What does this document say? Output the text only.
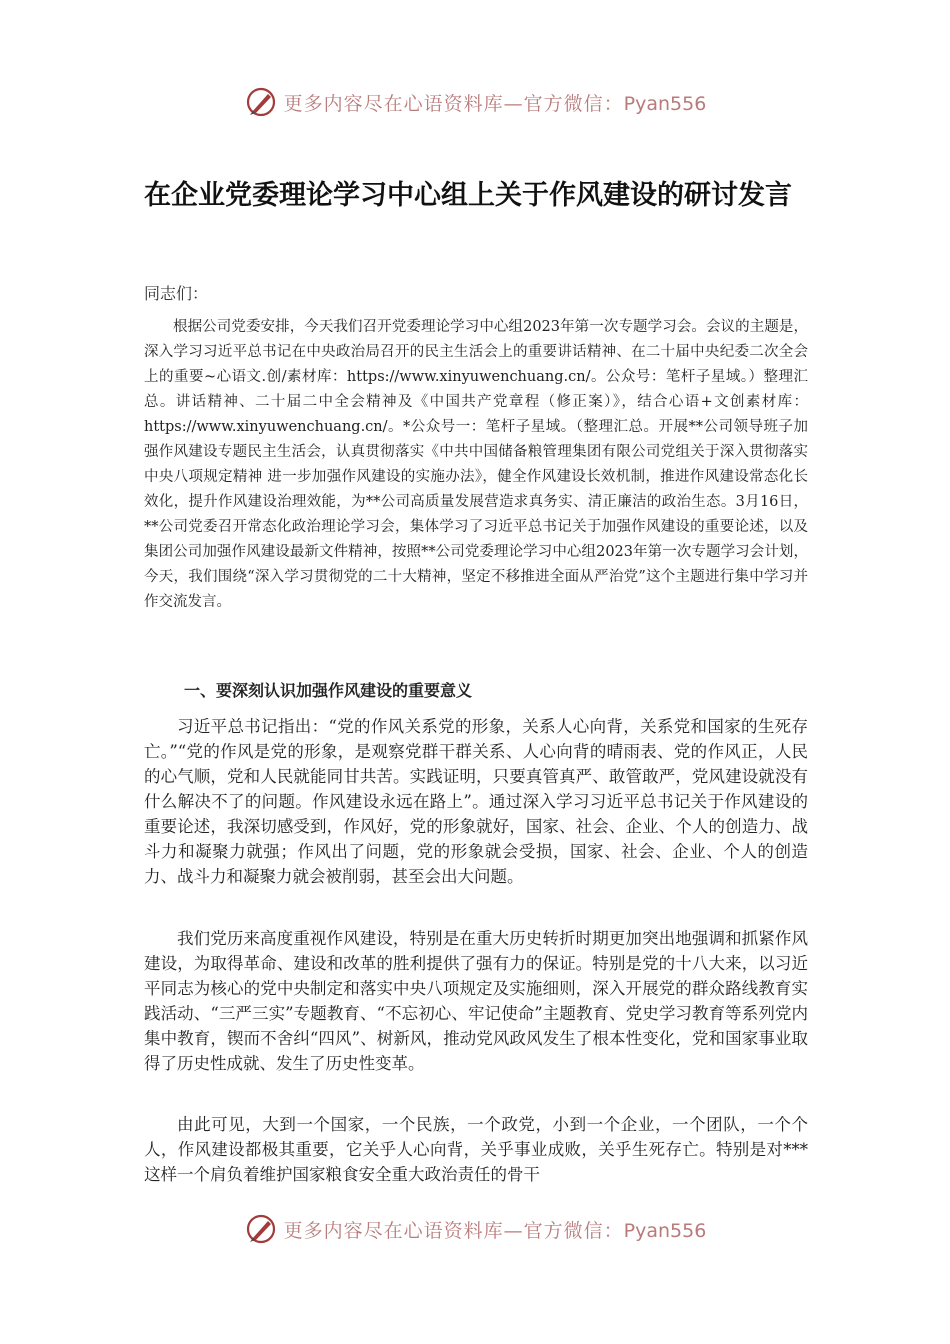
更多内容尽在心语资料库—官方微信：Pyan556
在企业党委理论学习中心组上关于作风建设的研讨发言

同志们：

根据公司党委安排，今天我们召开党委理论学习中心组2023年第一次专题学习会。会议的主题是，深入学习习近平总书记在中央政治局召开的民主生活会上的重要讲话精神、在二十届中央纪委二次全会上的重要~心语文.创/素材库：https://www.xinyuwenchuang.cn/。公众号：笔杆子星域。）整理汇总。讲话精神、二十届二中全会精神及《中国共产党章程（修正案）》，结合心语+文创素材库：https://www.xinyuwenchuang.cn/。*公众号一：笔杆子星域。（整理汇总。开展**公司领导班子加强作风建设专题民主生活会，认真贯彻落实《中共中国储备粮管理集团有限公司党组关于深入贯彻落实中央八项规定精神 进一步加强作风建设的实施办法》，健全作风建设长效机制，推进作风建设常态化长效化，提升作风建设治理效能，为**公司高质量发展营造求真务实、清正廉洁的政治生态。3月16日，**公司党委召开常态化政治理论学习会，集体学习了习近平总书记关于加强作风建设的重要论述，以及集团公司加强作风建设最新文件精神，按照**公司党委理论学习中心组2023年第一次专题学习会计划，今天，我们围绕“深入学习贯彻党的二十大精神，坚定不移推进全面从严治党”这个主题进行集中学习并作交流发言。

一、要深刻认识加强作风建设的重要意义

习近平总书记指出：“党的作风关系党的形象，关系人心向背，关系党和国家的生死存亡。”“党的作风是党的形象，是观察党群干群关系、人心向背的晴雨表、党的作风正，人民的心气顺，党和人民就能同甘共苦。实践证明，只要真管真严、敢管敢严，党风建设就没有什么解决不了的问题。作风建设永远在路上”。通过深入学习习近平总书记关于作风建设的重要论述，我深切感受到，作风好，党的形象就好，国家、社会、企业、个人的创造力、战斗力和凝聚力就强；作风出了问题，党的形象就会受损，国家、社会、企业、个人的创造力、战斗力和凝聚力就会被削弱，甚至会出大问题。

我们党历来高度重视作风建设，特别是在重大历史转折时期更加突出地强调和抓紧作风建设，为取得革命、建设和改革的胜利提供了强有力的保证。特别是党的十八大来，以习近平同志为核心的党中央制定和落实中央八项规定及实施细则，深入开展党的群众路线教育实践活动、“三严三实”专题教育、“不忘初心、牢记使命”主题教育、党史学习教育等系列党内集中教育，锲而不舍纠“四风”、树新风，推动党风政风发生了根本性变化，党和国家事业取得了历史性成就、发生了历史性变革。

由此可见，大到一个国家，一个民族，一个政党，小到一个企业，一个团队，一个个人，作风建设都极其重要，它关乎人心向背，关乎事业成败，关乎生死存亡。特别是对***这样一个肩负着维护国家粮食安全重大政治责任的骨干

更多内容尽在心语资料库—官方微信：Pyan556
